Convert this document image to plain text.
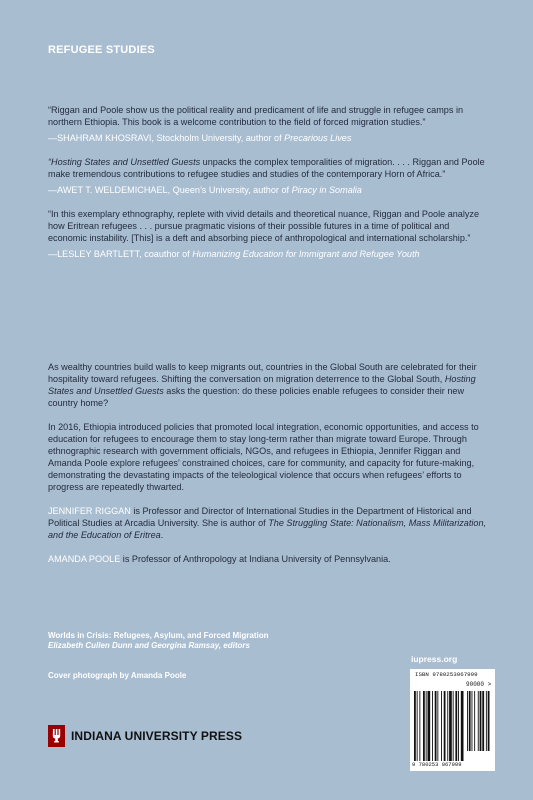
REFUGEE STUDIES

“Riggan and Poole show us the political reality and predicament of life and struggle in refugee camps in northern Ethiopia. This book is a welcome contribution to the field of forced migration studies.”

—SHAHRAM KHOSRAVI, Stockholm University, author of Precarious Lives

“Hosting States and Unsettled Guests unpacks the complex temporalities of migration. . . . Riggan and Poole make tremendous contributions to refugee studies and studies of the contemporary Horn of Africa.”

—AWET T. WELDEMICHAEL, Queen’s University, author of Piracy in Somalia

“In this exemplary ethnography, replete with vivid details and theoretical nuance, Riggan and Poole analyze how Eritrean refugees . . . pursue pragmatic visions of their possible futures in a time of political and economic instability. [This] is a deft and absorbing piece of anthropological and international scholarship.”

—LESLEY BARTLETT, coauthor of Humanizing Education for Immigrant and Refugee Youth

As wealthy countries build walls to keep migrants out, countries in the Global South are celebrated for their hospitality toward refugees. Shifting the conversation on migration deterrence to the Global South, Hosting States and Unsettled Guests asks the question: do these policies enable refugees to consider their new country home?

In 2016, Ethiopia introduced policies that promoted local integration, economic opportunities, and access to education for refugees to encourage them to stay long-term rather than migrate toward Europe. Through ethnographic research with government officials, NGOs, and refugees in Ethiopia, Jennifer Riggan and Amanda Poole explore refugees’ constrained choices, care for community, and capacity for future-making, demonstrating the devastating impacts of the teleological violence that occurs when refugees’ efforts to progress are repeatedly thwarted.

JENNIFER RIGGAN is Professor and Director of International Studies in the Department of Historical and Political Studies at Arcadia University. She is author of The Struggling State: Nationalism, Mass Militarization, and the Education of Eritrea.

AMANDA POOLE is Professor of Anthropology at Indiana University of Pennsylvania.

Worlds in Crisis: Refugees, Asylum, and Forced Migration

Elizabeth Cullen Dunn and Georgina Ramsay, editors

Cover photograph by Amanda Poole
iupress.org
INDIANA UNIVERSITY PRESS
ISBN 9780253067999
90000 >
9 780253 067999
